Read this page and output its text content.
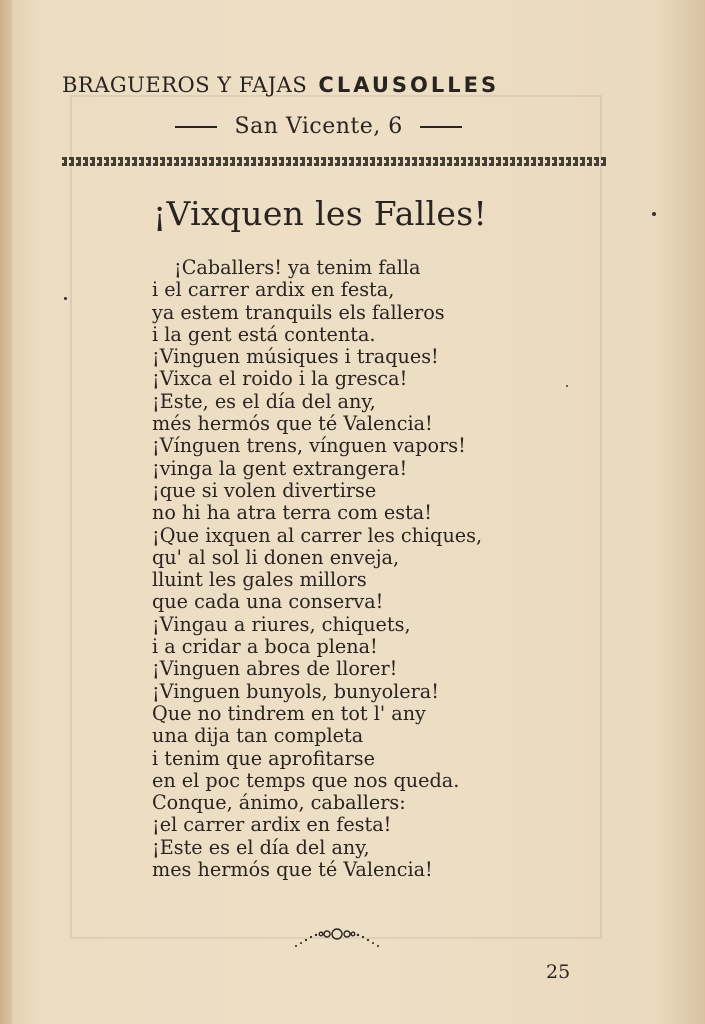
BRAGUEROS Y FAJAS CLAUSOLLES
San Vicente, 6
¡Vixquen les Falles!
¡Caballers! ya tenim falla
i el carrer ardix en festa,
ya estem tranquils els falleros
i la gent está contenta.
¡Vinguen músiques i traques!
¡Vixca el roido i la gresca!
¡Este, es el día del any,
més hermós que té Valencia!
¡Vínguen trens, vínguen vapors!
¡vinga la gent extrangera!
¡que si volen divertirse
no hi ha atra terra com esta!
¡Que ixquen al carrer les chiques,
qu' al sol li donen enveja,
lluint les gales millors
que cada una conserva!
¡Vingau a riures, chiquets,
i a cridar a boca plena!
¡Vinguen abres de llorer!
¡Vinguen bunyols, bunyolera!
Que no tindrem en tot l' any
una dija tan completa
i tenim que aprofitarse
en el poc temps que nos queda.
Conque, ánimo, caballers:
¡el carrer ardix en festa!
¡Este es el día del any,
mes hermós que té Valencia!
25
